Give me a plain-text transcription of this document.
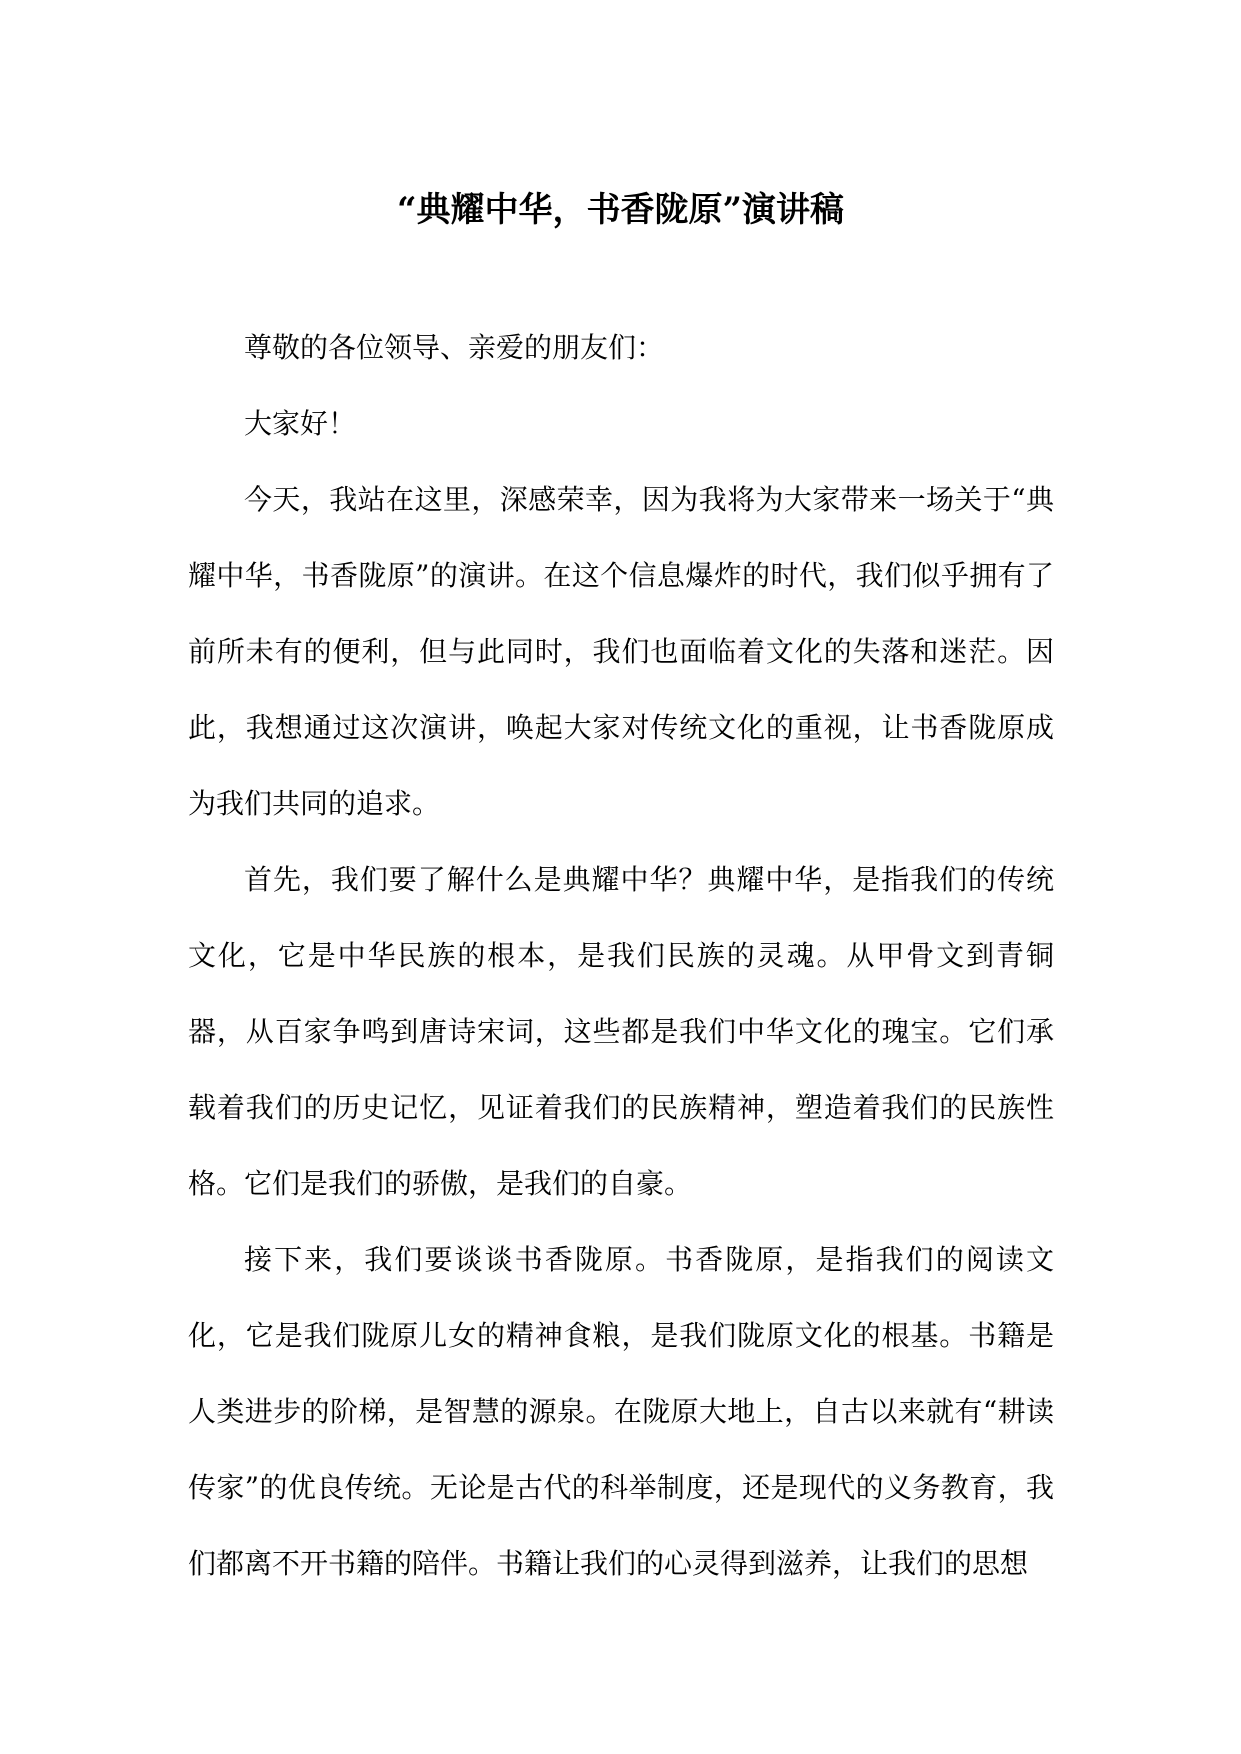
“典耀中华，书香陇原”演讲稿

尊敬的各位领导、亲爱的朋友们：

大家好！

今天，我站在这里，深感荣幸，因为我将为大家带来一场关于“典耀中华，书香陇原”的演讲。在这个信息爆炸的时代，我们似乎拥有了前所未有的便利，但与此同时，我们也面临着文化的失落和迷茫。因此，我想通过这次演讲，唤起大家对传统文化的重视，让书香陇原成为我们共同的追求。

首先，我们要了解什么是典耀中华？典耀中华，是指我们的传统文化，它是中华民族的根本，是我们民族的灵魂。从甲骨文到青铜器，从百家争鸣到唐诗宋词，这些都是我们中华文化的瑰宝。它们承载着我们的历史记忆，见证着我们的民族精神，塑造着我们的民族性格。它们是我们的骄傲，是我们的自豪。

接下来，我们要谈谈书香陇原。书香陇原，是指我们的阅读文化，它是我们陇原儿女的精神食粮，是我们陇原文化的根基。书籍是人类进步的阶梯，是智慧的源泉。在陇原大地上，自古以来就有“耕读传家”的优良传统。无论是古代的科举制度，还是现代的义务教育，我们都离不开书籍的陪伴。书籍让我们的心灵得到滋养，让我们的思想
